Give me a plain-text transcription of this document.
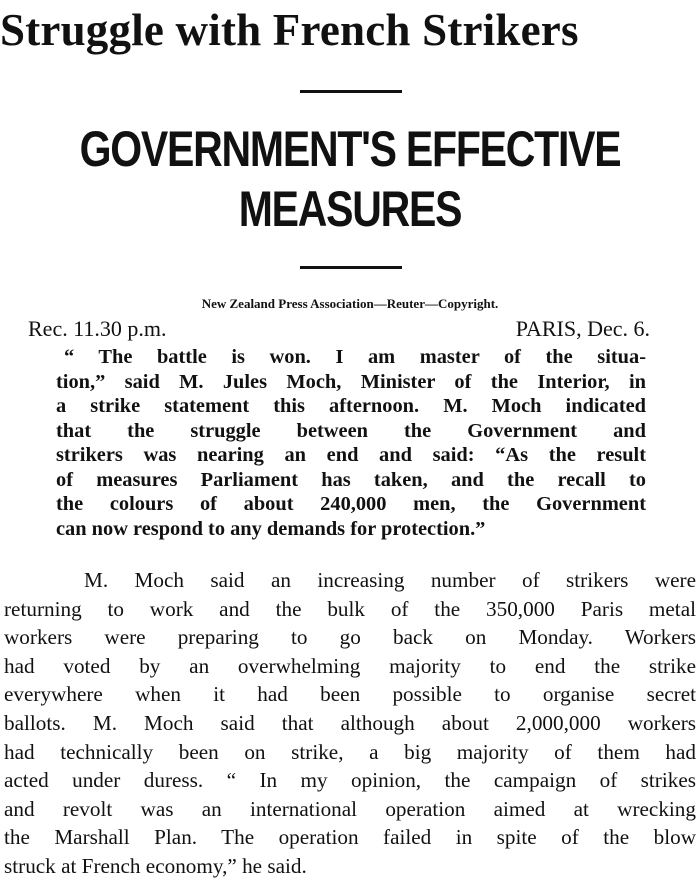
Struggle with French Strikers
GOVERNMENT'S EFFECTIVE
MEASURES
New Zealand Press Association—Reuter—Copyright.
Rec. 11.30 p.m.	PARIS, Dec. 6.
“ The battle is won. I am master of the situa-
tion,” said M. Jules Moch, Minister of the Interior, in
a strike statement this afternoon. M. Moch indicated
that the struggle between the Government and
strikers was nearing an end and said: “As the result
of measures Parliament has taken, and the recall to
the colours of about 240,000 men, the Government
can now respond to any demands for protection.”
M. Moch said an increasing number of strikers were
returning to work and the bulk of the 350,000 Paris metal
workers were preparing to go back on Monday. Workers
had voted by an overwhelming majority to end the strike
everywhere when it had been possible to organise secret
ballots. M. Moch said that although about 2,000,000 workers
had technically been on strike, a big majority of them had
acted under duress. “ In my opinion, the campaign of strikes
and revolt was an international operation aimed at wrecking
the Marshall Plan. The operation failed in spite of the blow
struck at French economy,” he said.
